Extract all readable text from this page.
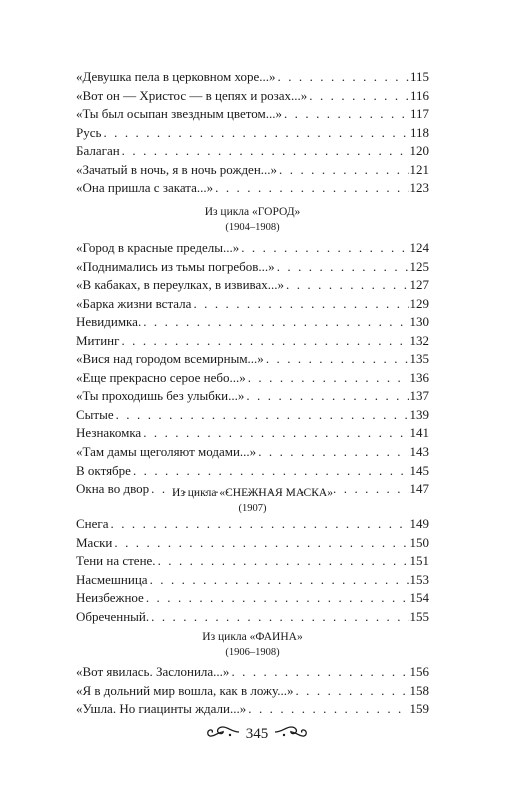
«Девушка пела в церковном хоре...» . . .	115
«Вот он — Христос — в цепях и розах...» . . .	116
«Ты был осыпан звездным цветом...» . . .	117
Русь . . .	118
Балаган . . .	120
«Зачатый в ночь, я в ночь рожден...» . . .	121
«Она пришла с заката...» . . .	123
Из цикла «ГОРОД»
(1904–1908)
«Город в красные пределы...» . . .	124
«Поднимались из тьмы погребов...» . . .	125
«В кабаках, в переулках, в извивах...» . . .	127
«Барка жизни встала . . .	129
Невидимка. . . .	130
Митинг . . .	132
«Вися над городом всемирным...» . . .	135
«Еще прекрасно серое небо...» . . .	136
«Ты проходишь без улыбки...» . . .	137
Сытые . . .	139
Незнакомка . . .	141
«Там дамы щеголяют модами...» . . .	143
В октябре . . .	145
Окна во двор . . .	147
Из цикла «СНЕЖНАЯ МАСКА»
(1907)
Снега . . .	149
Маски . . .	150
Тени на стене. . . .	151
Насмешница . . .	153
Неизбежное . . .	154
Обреченный. . . .	155
Из цикла «ФАИНА»
(1906–1908)
«Вот явилась. Заслонила...» . . .	156
«Я в дольний мир вошла, как в ложу...» . . .	158
«Ушла. Но гиацинты ждали...» . . .	159
345
